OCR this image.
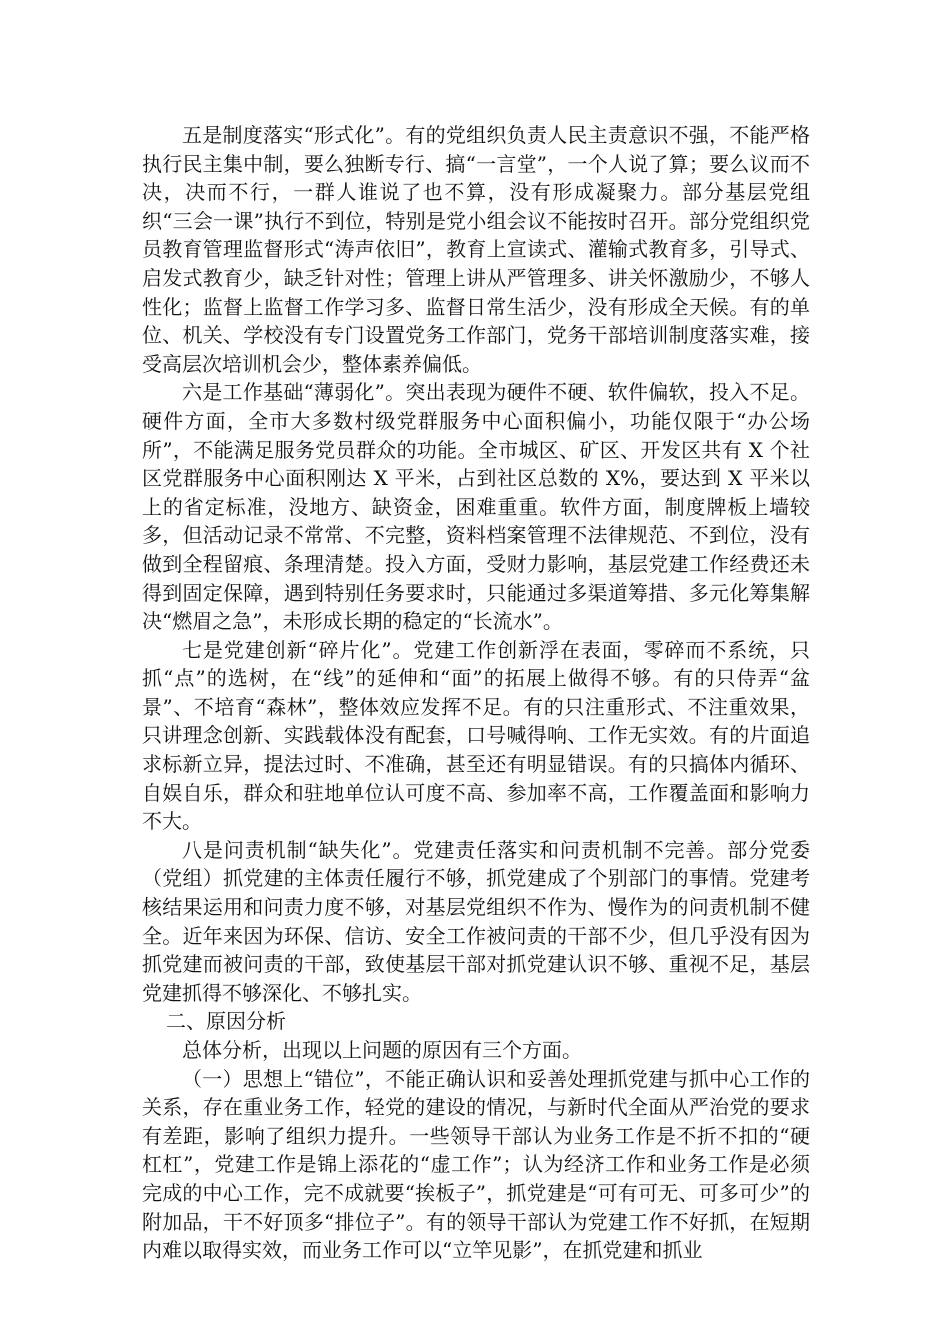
五是制度落实“形式化”。有的党组织负责人民主责意识不强，不能严格执行民主集中制，要么独断专行、搞“一言堂”，一个人说了算；要么议而不决，决而不行，一群人谁说了也不算，没有形成凝聚力。部分基层党组织“三会一课”执行不到位，特别是党小组会议不能按时召开。部分党组织党员教育管理监督形式“涛声依旧”，教育上宣读式、灌输式教育多，引导式、启发式教育少，缺乏针对性；管理上讲从严管理多、讲关怀激励少，不够人性化；监督上监督工作学习多、监督日常生活少，没有形成全天候。有的单位、机关、学校没有专门设置党务工作部门，党务干部培训制度落实难，接受高层次培训机会少，整体素养偏低。

六是工作基础“薄弱化”。突出表现为硬件不硬、软件偏软，投入不足。硬件方面，全市大多数村级党群服务中心面积偏小，功能仅限于“办公场所”，不能满足服务党员群众的功能。全市城区、矿区、开发区共有 X 个社区党群服务中心面积刚达 X 平米，占到社区总数的 X%，要达到 X 平米以上的省定标准，没地方、缺资金，困难重重。软件方面，制度牌板上墙较多，但活动记录不常常、不完整，资料档案管理不法律规范、不到位，没有做到全程留痕、条理清楚。投入方面，受财力影响，基层党建工作经费还未得到固定保障，遇到特别任务要求时，只能通过多渠道筹措、多元化筹集解决“燃眉之急”，未形成长期的稳定的“长流水”。

七是党建创新“碎片化”。党建工作创新浮在表面，零碎而不系统，只抓“点”的选树，在“线”的延伸和“面”的拓展上做得不够。有的只侍弄“盆景”、不培育“森林”，整体效应发挥不足。有的只注重形式、不注重效果，只讲理念创新、实践载体没有配套，口号喊得响、工作无实效。有的片面追求标新立异，提法过时、不准确，甚至还有明显错误。有的只搞体内循环、自娱自乐，群众和驻地单位认可度不高、参加率不高，工作覆盖面和影响力不大。

八是问责机制“缺失化”。党建责任落实和问责机制不完善。部分党委（党组）抓党建的主体责任履行不够，抓党建成了个别部门的事情。党建考核结果运用和问责力度不够，对基层党组织不作为、慢作为的问责机制不健全。近年来因为环保、信访、安全工作被问责的干部不少，但几乎没有因为抓党建而被问责的干部，致使基层干部对抓党建认识不够、重视不足，基层党建抓得不够深化、不够扎实。

二、原因分析

总体分析，出现以上问题的原因有三个方面。

（一）思想上“错位”，不能正确认识和妥善处理抓党建与抓中心工作的关系，存在重业务工作，轻党的建设的情况，与新时代全面从严治党的要求有差距，影响了组织力提升。一些领导干部认为业务工作是不折不扣的“硬杠杠”，党建工作是锦上添花的“虚工作”；认为经济工作和业务工作是必须完成的中心工作，完不成就要“挨板子”，抓党建是“可有可无、可多可少”的附加品，干不好顶多“排位子”。有的领导干部认为党建工作不好抓，在短期内难以取得实效，而业务工作可以“立竿见影”，在抓党建和抓业
